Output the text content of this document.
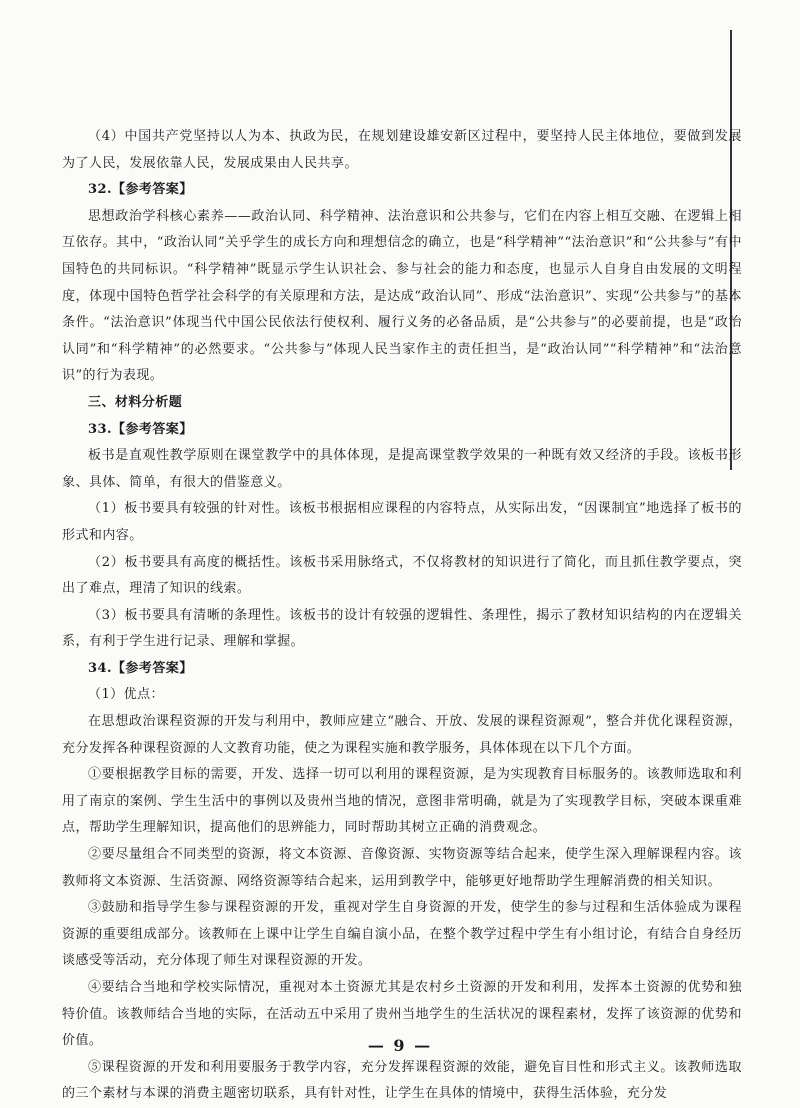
（4）中国共产党坚持以人为本、执政为民，在规划建设雄安新区过程中，要坚持人民主体地位，要做到发展为了人民，发展依靠人民，发展成果由人民共享。

32.【参考答案】

思想政治学科核心素养——政治认同、科学精神、法治意识和公共参与，它们在内容上相互交融、在逻辑上相互依存。其中，“政治认同”关乎学生的成长方向和理想信念的确立，也是“科学精神”“法治意识”和“公共参与”有中国特色的共同标识。“科学精神”既显示学生认识社会、参与社会的能力和态度，也显示人自身自由发展的文明程度，体现中国特色哲学社会科学的有关原理和方法，是达成“政治认同”、形成“法治意识”、实现“公共参与”的基本条件。“法治意识”体现当代中国公民依法行使权利、履行义务的必备品质，是“公共参与”的必要前提，也是“政治认同”和“科学精神”的必然要求。“公共参与”体现人民当家作主的责任担当，是“政治认同”“科学精神”和“法治意识”的行为表现。

三、材料分析题

33.【参考答案】

板书是直观性教学原则在课堂教学中的具体体现，是提高课堂教学效果的一种既有效又经济的手段。该板书形象、具体、简单，有很大的借鉴意义。

（1）板书要具有较强的针对性。该板书根据相应课程的内容特点，从实际出发，“因课制宜”地选择了板书的形式和内容。

（2）板书要具有高度的概括性。该板书采用脉络式，不仅将教材的知识进行了简化，而且抓住教学要点，突出了难点，理清了知识的线索。

（3）板书要具有清晰的条理性。该板书的设计有较强的逻辑性、条理性，揭示了教材知识结构的内在逻辑关系，有利于学生进行记录、理解和掌握。

34.【参考答案】

（1）优点：

在思想政治课程资源的开发与利用中，教师应建立“融合、开放、发展的课程资源观”，整合并优化课程资源，充分发挥各种课程资源的人文教育功能，使之为课程实施和教学服务，具体体现在以下几个方面。

①要根据教学目标的需要，开发、选择一切可以利用的课程资源，是为实现教育目标服务的。该教师选取和利用了南京的案例、学生生活中的事例以及贵州当地的情况，意图非常明确，就是为了实现教学目标，突破本课重难点，帮助学生理解知识，提高他们的思辨能力，同时帮助其树立正确的消费观念。

②要尽量组合不同类型的资源，将文本资源、音像资源、实物资源等结合起来，使学生深入理解课程内容。该教师将文本资源、生活资源、网络资源等结合起来，运用到教学中，能够更好地帮助学生理解消费的相关知识。

③鼓励和指导学生参与课程资源的开发，重视对学生自身资源的开发，使学生的参与过程和生活体验成为课程资源的重要组成部分。该教师在上课中让学生自编自演小品，在整个教学过程中学生有小组讨论，有结合自身经历谈感受等活动，充分体现了师生对课程资源的开发。

④要结合当地和学校实际情况，重视对本土资源尤其是农村乡土资源的开发和利用，发挥本土资源的优势和独特价值。该教师结合当地的实际，在活动五中采用了贵州当地学生的生活状况的课程素材，发挥了该资源的优势和价值。

⑤课程资源的开发和利用要服务于教学内容，充分发挥课程资源的效能，避免盲目性和形式主义。该教师选取的三个素材与本课的消费主题密切联系，具有针对性，让学生在具体的情境中，获得生活体验，充分发

— 9 —
